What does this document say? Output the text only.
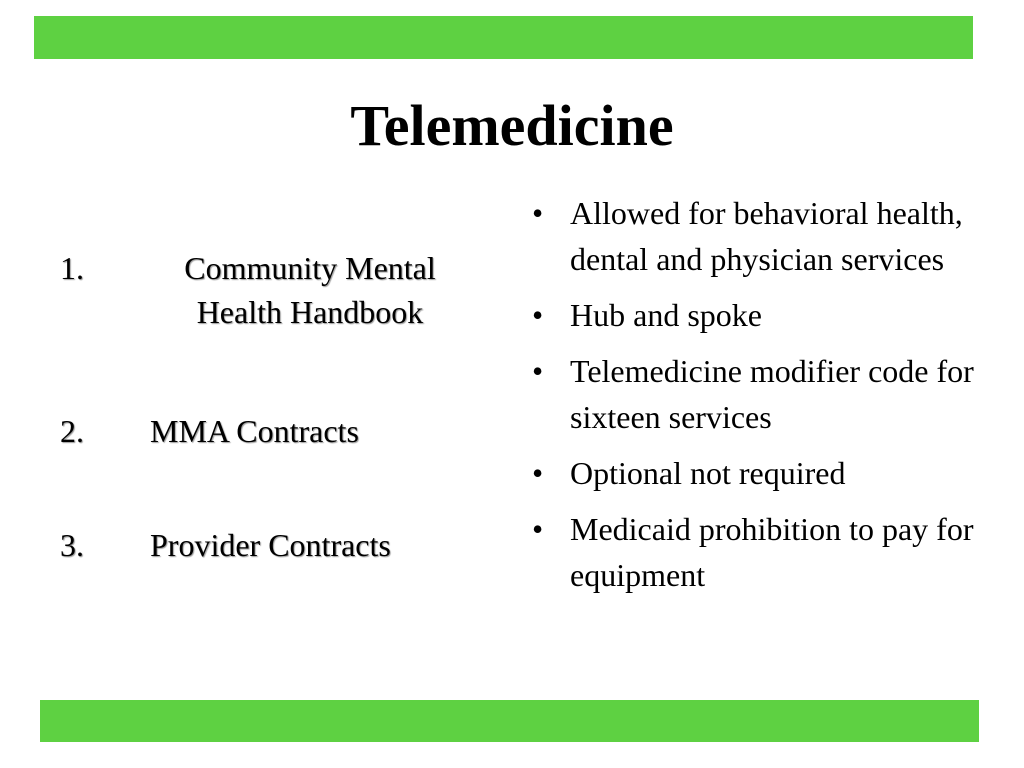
Telemedicine
1.	Community Mental Health Handbook
2. MMA Contracts
3. Provider Contracts
• Allowed for behavioral health, dental and physician services
• Hub and spoke
• Telemedicine modifier code for sixteen services
• Optional not required
• Medicaid prohibition to pay for equipment
